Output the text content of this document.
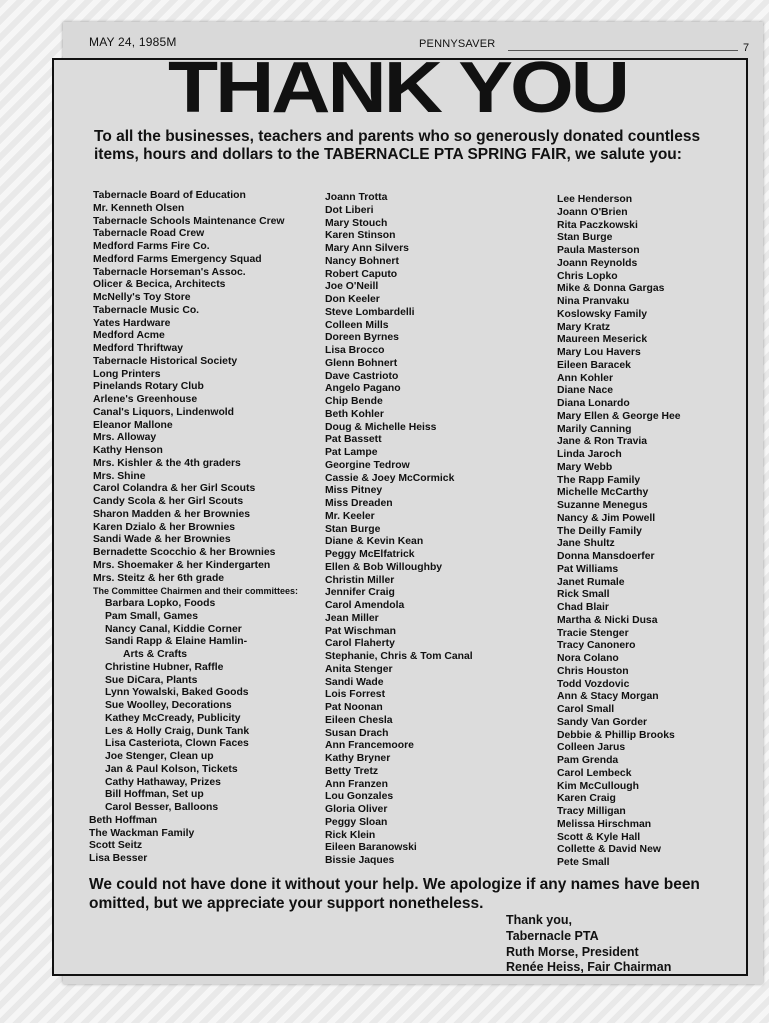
MAY 24, 1985M	PENNYSAVER	7
THANK YOU
To all the businesses, teachers and parents who so generously donated countless items, hours and dollars to the TABERNACLE PTA SPRING FAIR, we salute you:
Tabernacle Board of Education
Mr. Kenneth Olsen
Tabernacle Schools Maintenance Crew
Tabernacle Road Crew
Medford Farms Fire Co.
Medford Farms Emergency Squad
Tabernacle Horseman's Assoc.
Olicer & Becica, Architects
McNelly's Toy Store
Tabernacle Music Co.
Yates Hardware
Medford Acme
Medford Thriftway
Tabernacle Historical Society
Long Printers
Pinelands Rotary Club
Arlene's Greenhouse
Canal's Liquors, Lindenwold
Eleanor Mallone
Mrs. Alloway
Kathy Henson
Mrs. Kishler & the 4th graders
Mrs. Shine
Carol Colandra & her Girl Scouts
Candy Scola & her Girl Scouts
Sharon Madden & her Brownies
Karen Dzialo & her Brownies
Sandi Wade & her Brownies
Bernadette Scocchio & her Brownies
Mrs. Shoemaker & her Kindergarten
Mrs. Steitz & her 6th grade
The Committee Chairmen and their committees:
Barbara Lopko, Foods
Pam Small, Games
Nancy Canal, Kiddie Corner
Sandi Rapp & Elaine Hamlin-
Arts & Crafts
Christine Hubner, Raffle
Sue DiCara, Plants
Lynn Yowalski, Baked Goods
Sue Woolley, Decorations
Kathey McCready, Publicity
Les & Holly Craig, Dunk Tank
Lisa Casteriota, Clown Faces
Joe Stenger, Clean up
Jan & Paul Kolson, Tickets
Cathy Hathaway, Prizes
Bill Hoffman, Set up
Carol Besser, Balloons
Beth Hoffman
The Wackman Family
Scott Seitz
Lisa Besser
Joann Trotta
Dot Liberi
Mary Stouch
Karen Stinson
Mary Ann Silvers
Nancy Bohnert
Robert Caputo
Joe O'Neill
Don Keeler
Steve Lombardelli
Colleen Mills
Doreen Byrnes
Lisa Brocco
Glenn Bohnert
Dave Castrioto
Angelo Pagano
Chip Bende
Beth Kohler
Doug & Michelle Heiss
Pat Bassett
Pat Lampe
Georgine Tedrow
Cassie & Joey McCormick
Miss Pitney
Miss Dreaden
Mr. Keeler
Stan Burge
Diane & Kevin Kean
Peggy McElfatrick
Ellen & Bob Willoughby
Christin Miller
Jennifer Craig
Carol Amendola
Jean Miller
Pat Wischman
Carol Flaherty
Stephanie, Chris & Tom Canal
Anita Stenger
Sandi Wade
Lois Forrest
Pat Noonan
Eileen Chesla
Susan Drach
Ann Francemoore
Kathy Bryner
Betty Tretz
Ann Franzen
Lou Gonzales
Gloria Oliver
Peggy Sloan
Rick Klein
Eileen Baranowski
Bissie Jaques
Lee Henderson
Joann O'Brien
Rita Paczkowski
Stan Burge
Paula Masterson
Joann Reynolds
Chris Lopko
Mike & Donna Gargas
Nina Pranvaku
Koslowsky Family
Mary Kratz
Maureen Meserick
Mary Lou Havers
Eileen Baracek
Ann Kohler
Diane Nace
Diana Lonardo
Mary Ellen & George Hee
Marily Canning
Jane & Ron Travia
Linda Jaroch
Mary Webb
The Rapp Family
Michelle McCarthy
Suzanne Menegus
Nancy & Jim Powell
The Deilly Family
Jane Shultz
Donna Mansdoerfer
Pat Williams
Janet Rumale
Rick Small
Chad Blair
Martha & Nicki Dusa
Tracie Stenger
Tracy Canonero
Nora Colano
Chris Houston
Todd Vozdovic
Ann & Stacy Morgan
Carol Small
Sandy Van Gorder
Debbie & Phillip Brooks
Colleen Jarus
Pam Grenda
Carol Lembeck
Kim McCullough
Karen Craig
Tracy Milligan
Melissa Hirschman
Scott & Kyle Hall
Collette & David New
Pete Small
We could not have done it without your help. We apologize if any names have been omitted, but we appreciate your support nonetheless.
Thank you,
Tabernacle PTA
Ruth Morse, President
Renée Heiss, Fair Chairman
